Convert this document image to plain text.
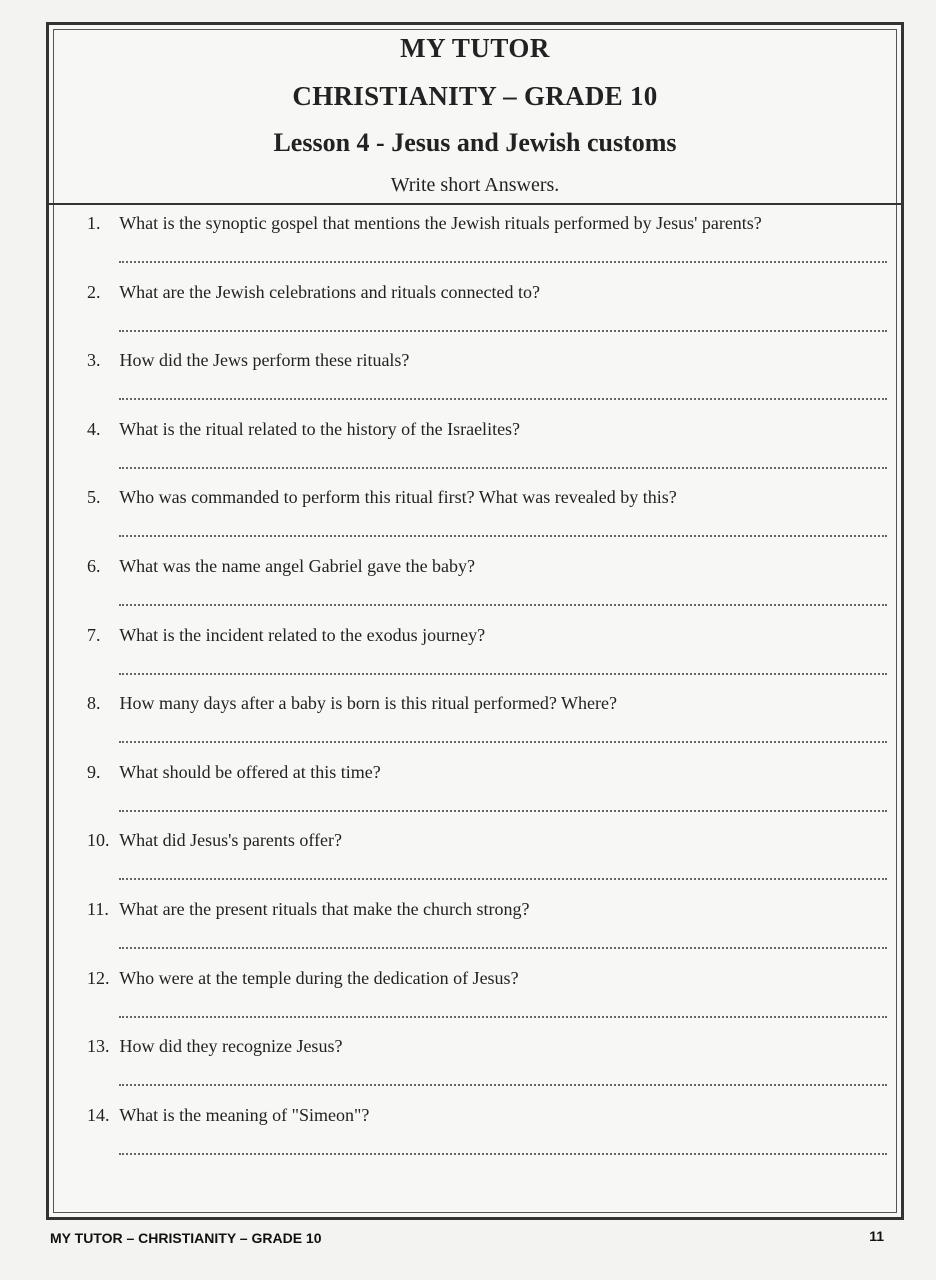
MY TUTOR
CHRISTIANITY – GRADE 10
Lesson 4 - Jesus and Jewish customs
Write short Answers.
1. What is the synoptic gospel that mentions the Jewish rituals performed by Jesus' parents?
2. What are the Jewish celebrations and rituals connected to?
3. How did the Jews perform these rituals?
4. What is the ritual related to the history of the Israelites?
5. Who was commanded to perform this ritual first? What was revealed by this?
6. What was the name angel Gabriel gave the baby?
7. What is the incident related to the exodus journey?
8. How many days after a baby is born is this ritual performed? Where?
9. What should be offered at this time?
10. What did Jesus's parents offer?
11. What are the present rituals that make the church strong?
12. Who were at the temple during the dedication of Jesus?
13. How did they recognize Jesus?
14. What is the meaning of "Simeon"?
MY TUTOR – CHRISTIANITY – GRADE 10	11
